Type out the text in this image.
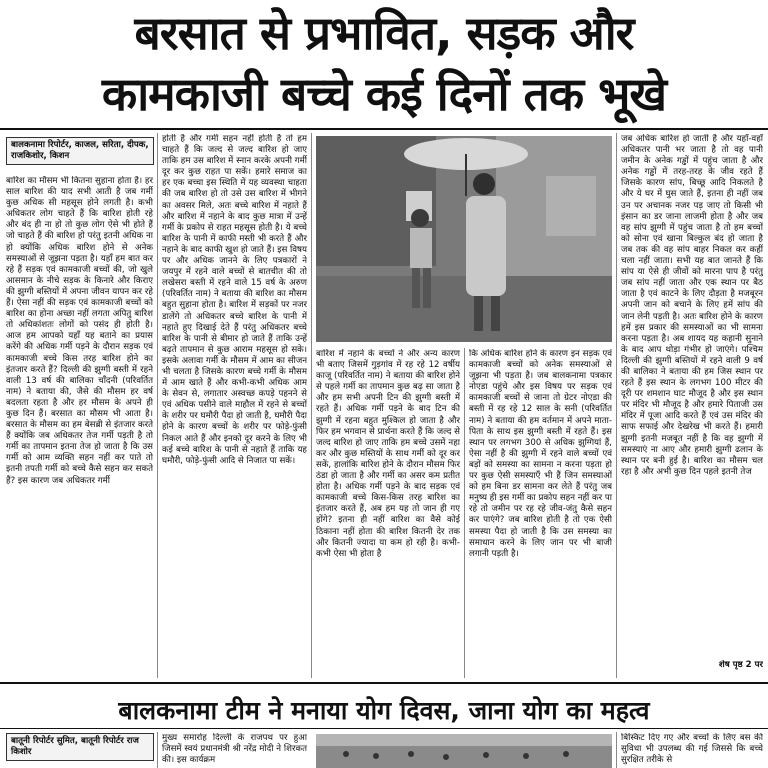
बरसात से प्रभावित, सड़क और
कामकाजी बच्चे कई दिनों तक भूखे
बालकनामा रिपोर्टर, काजल, सरिता, दीपक, राजकिशोर, किशन
बारिश का मौसम भी कितना सुहाना होता है। हर साल बारिश की याद सभी आती है जब गर्मी कुछ अधिक सी महसूस होने लगती है। कभी अधिकतर लोग चाहते हैं कि बारिश होती रहे और बंद ही ना हो तो कुछ लोग ऐसे भी होते हैं जो चाहते हैं की बारिश हो परंतु इतनी अधिक ना हो क्योंकि अधिक बारिश होने से अनेक समस्याओं से जूझना पड़ता है। यहाँ हम बात कर रहे हैं सड़क एवं कामकाजी बच्चों की, जो खुले आसमान के नीचे सड़क के किनारे और किराए की झुग्गी बस्तियों में अपना जीवन यापन कर रहे हैं। ऐसा नहीं की सड़क एवं कामकाजी बच्चों को बारिश का होना अच्छा नहीं लगता अपितु बारिश तो अधिकांशतः लोगों को पसंद ही होती है। आज हम आपको यहाँ यह बताने का प्रयास करेंगे की अधिक गर्मी पड़ने के दौरान सड़क एवं कामकाजी बच्चे किस तरह बारिश होने का इंतजार करते हैं? दिल्ली की झुग्गी बस्ती में रहने वाली 13 वर्ष की बालिका चाँदनी (परिवर्तित नाम) ने बताया की, जैसे की मौसम हर वर्ष बदलता रहता है और हर मौसम के अपने ही कुछ दिन हैं। बरसात का मौसम भी आता है। बरसात के मौसम का हम बेसब्री से इंतजार करते हैं क्योंकि जब अधिकतर तेज गर्मी पड़ती है तो गर्मी का तापमान इतना तेज हो जाता है कि उस गर्मी को आम व्यक्ति सहन नहीं कर पाते तो इतनी तपती गर्मी को बच्चे कैसे सहन कर सकते हैं? इस कारण जब अधिकतर गर्मी
होती है और गर्मी सहन नहीं होती है तो हम चाहते हैं कि जल्द से जल्द बारिश हो जाए ताकि हम उस बारिश में स्नान करके अपनी गर्मी दूर कर कुछ राहत पा सकें। हमारे समाज का हर एक बच्चा इस स्थिति में यह व्यवस्था चाहता की जब बारिश हो तो उसे उस बारिश में भीगने का अवसर मिले, अतः बच्चे बारिश में नहाते हैं और बारिश में नहाने के बाद कुछ मात्रा में उन्हें गर्मी के प्रकोप से राहत महसूस होती है। ये बच्चे बारिश के पानी में काफी मस्ती भी करते हैं और नहाने के बाद काफी खुश हो जाते हैं। इस विषय पर और अधिक जानने के लिए पत्रकारों ने जयपुर में रहने वाले बच्चों से बातचीत की तो लखेसरा बस्ती में रहने वाले 15 वर्ष के अरुण (परिवर्तित नाम) ने बताया की बारिश का मौसम बहुत सुहाना होता है। बारिश में सड़कों पर नजर डालेंगे तो अधिकतर बच्चे बारिश के पानी में नहाते हुए दिखाई देते हैं परंतु अधिकतर बच्चे बारिश के पानी से बीमार हो जाते हैं ताकि उन्हें बढ़ते तापमान से कुछ आराम महसूस हो सके। इसके अलावा गर्मी के मौसम में आम का सीजन भी चलता है जिसके कारण बच्चे गर्मी के मौसम में आम खाते हैं और कभी-कभी अधिक आम के सेवन से, लगातार अस्वच्छ कपड़े पहनने से एवं अधिक पसीने वाले माहौल में रहने से बच्चों के शरीर पर घमौरी पैदा हो जाती है, घमौरी पैदा होने के कारण बच्चों के शरीर पर फोड़े-फुंसी निकल आते हैं और इनको दूर करने के लिए भी कई बच्चे बारिश के पानी से नहाते हैं ताकि यह घमौरी, फोड़े-फुंसी आदि से निजात पा सकें।
बारिश में नहाने के बच्चों ने और अन्य कारण भी बताए जिसमें गुड़गांव में रह रहे 12 वर्षीय काजू (परिवर्तित नाम) ने बताया की बारिश होने से पहले गर्मी का तापमान कुछ बढ़ सा जाता है और हम सभी अपनी टिन की झुग्गी बस्ती में रहते हैं। अधिक गर्मी पड़ने के बाद टिन की झुग्गी में रहना बहुत मुश्किल हो जाता है और फिर हम भगवान से प्रार्थना करते हैं कि जल्द से जल्द बारिश हो जाए ताकि हम बच्चे उसमें नहा कर और कुछ मस्तियों के साथ गर्मी को दूर कर सकें, हालांकि बारिश होने के दौरान मौसम फिर ठंडा हो जाता है और गर्मी का असर कम प्रतीत होता है। अधिक गर्मी पड़ने के बाद सड़क एवं कामकाजी बच्चे किस-किस तरह बारिश का इंतजार करते हैं, अब हम यह तो जान ही गए होंगे? इतना ही नहीं बारिश का वैसे कोई ठिकाना नहीं होता की बारिश कितनी देर तक और कितनी ज्यादा या कम हो रही है। कभी-कभी ऐसा भी होता है
कि अधिक बारिश होने के कारण इन सड़क एवं कामकाजी बच्चों को अनेक समस्याओं से जूझना भी पड़ता है। जब बालकनामा पत्रकार नोएडा पहुंचे और इस विषय पर सड़क एवं कामकाजी बच्चों से जाना तो ग्रेटर नोएडा की बस्ती में रह रहे 12 साल के सनी (परिवर्तित नाम) ने बताया की हम वर्तमान में अपने माता-पिता के साथ इस झुग्गी बस्ती में रहते हैं। इस स्थान पर लगभग 300 से अधिक झुग्गियां हैं, ऐसा नहीं है की झुग्गी में रहने वाले बच्चों एवं बड़ों को समस्या का सामना न करना पड़ता हो पर कुछ ऐसी समस्याएँ भी हैं जिन समस्याओं को हम बिना डर सामना कर लेते हैं परंतु जब मनुष्य ही इस गर्मी का प्रकोप सहन नहीं कर पा रहे तो जमीन पर रह रहे जीव-जंतु कैसे सहन कर पाएंगे? जब बारिश होती है तो एक ऐसी समस्या पैदा हो जाती है कि उस समस्या का समाधान करने के लिए जान पर भी बाजी लगानी पड़ती है।
जब अधिक बारिश हो जाती है और यहाँ-वहाँ अधिकतर पानी भर जाता है तो वह पानी जमीन के अनेक गड्ढों में पहुंच जाता है और अनेक गड्ढों में तरह-तरह के जीव रहते हैं जिसके कारण सांप, बिच्छू आदि निकलते है और ये घर में घुस जाते हैं, इतना ही नहीं जब उन पर अचानक नजर पड़ जाए तो किसी भी इंसान का डर जाना लाजमी होता है और जब वह सांप झुग्गी में पहुंच जाता है तो हम बच्चों को सोना एवं खाना बिल्कुल बंद हो जाता है जब तक की वह सांप बाहर निकल कर कहीं चला नहीं जाता। सभी यह बात जानते हैं कि सांप या ऐसे ही जीवों को मारना पाप है परंतु जब सांप नहीं जाता और एक स्थान पर बैठ जाता है एवं काटने के लिए दौड़ता है मजबूरन अपनी जान को बचाने के लिए हमें सांप की जान लेनी पड़ती है। अतः बारिश होने के कारण हमें इस प्रकार की समस्याओं का भी सामना करना पड़ता है। अब शायद यह कहानी सुनाने के बाद आप थोड़ा गंभीर हो जाएंगे। पश्चिम दिल्ली की झुग्गी बस्तियों में रहने वाली 9 वर्ष की बालिका ने बताया की हम जिस स्थान पर रहते हैं इस स्थान के लगभग 100 मीटर की दूरी पर शमशान घाट मौजूद है और इस स्थान पर मंदिर भी मौजूद है और हमारे पिताजी उस मंदिर में पूजा आदि करते हैं एवं उस मंदिर की साफ सफाई और देखरेख भी करते हैं। हमारी झुग्गी इतनी मजबूत नहीं है कि वह झुग्गी में समस्याएं ना आए और हमारी झुग्गी ढलान के स्थान पर बनी हुई है। बारिश का मौसम चल रहा है और अभी कुछ दिन पहले इतनी तेज
शेष पृष्ठ 2 पर
बालकनामा टीम ने मनाया योग दिवस, जाना योग का महत्व
बातूनी रिपोर्टर सुमित, बातूनी रिपोर्टर राज किशोर
मुख्य समारोह दिल्ली के राजपथ पर हुआ जिसमें स्वयं प्रधानमंत्री श्री नरेंद्र मोदी ने शिरकत की। इस कार्यक्रम
बिस्किट दिए गए और बच्चों के लिए बस की सुविधा भी उपलब्ध की गई जिससे कि बच्चे सुरक्षित तरीके से
